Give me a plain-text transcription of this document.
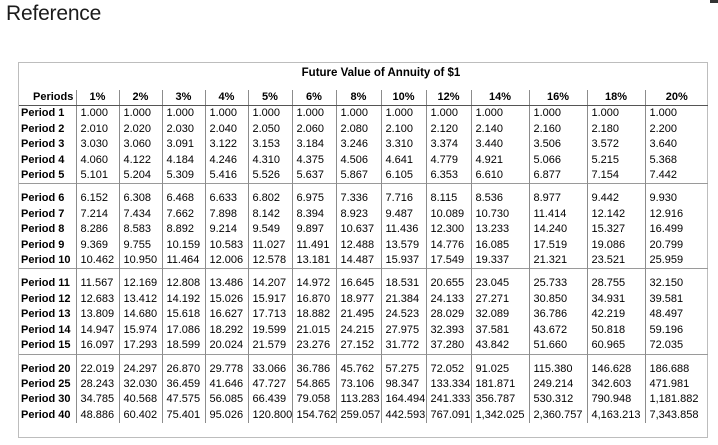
Reference
Future Value of Annuity of $1
Periods	1%	2%	3%	4%	5%	6%	8%	10%	12%	14%	16%	18%	20%
Period 1	1.000	1.000	1.000	1.000	1.000	1.000	1.000	1.000	1.000	1.000	1.000	1.000	1.000
Period 2	2.010	2.020	2.030	2.040	2.050	2.060	2.080	2.100	2.120	2.140	2.160	2.180	2.200
Period 3	3.030	3.060	3.091	3.122	3.153	3.184	3.246	3.310	3.374	3.440	3.506	3.572	3.640
Period 4	4.060	4.122	4.184	4.246	4.310	4.375	4.506	4.641	4.779	4.921	5.066	5.215	5.368
Period 5	5.101	5.204	5.309	5.416	5.526	5.637	5.867	6.105	6.353	6.610	6.877	7.154	7.442
Period 6	6.152	6.308	6.468	6.633	6.802	6.975	7.336	7.716	8.115	8.536	8.977	9.442	9.930
Period 7	7.214	7.434	7.662	7.898	8.142	8.394	8.923	9.487	10.089	10.730	11.414	12.142	12.916
Period 8	8.286	8.583	8.892	9.214	9.549	9.897	10.637	11.436	12.300	13.233	14.240	15.327	16.499
Period 9	9.369	9.755	10.159	10.583	11.027	11.491	12.488	13.579	14.776	16.085	17.519	19.086	20.799
Period 10	10.462	10.950	11.464	12.006	12.578	13.181	14.487	15.937	17.549	19.337	21.321	23.521	25.959
Period 11	11.567	12.169	12.808	13.486	14.207	14.972	16.645	18.531	20.655	23.045	25.733	28.755	32.150
Period 12	12.683	13.412	14.192	15.026	15.917	16.870	18.977	21.384	24.133	27.271	30.850	34.931	39.581
Period 13	13.809	14.680	15.618	16.627	17.713	18.882	21.495	24.523	28.029	32.089	36.786	42.219	48.497
Period 14	14.947	15.974	17.086	18.292	19.599	21.015	24.215	27.975	32.393	37.581	43.672	50.818	59.196
Period 15	16.097	17.293	18.599	20.024	21.579	23.276	27.152	31.772	37.280	43.842	51.660	60.965	72.035
Period 20	22.019	24.297	26.870	29.778	33.066	36.786	45.762	57.275	72.052	91.025	115.380	146.628	186.688
Period 25	28.243	32.030	36.459	41.646	47.727	54.865	73.106	98.347	133.334	181.871	249.214	342.603	471.981
Period 30	34.785	40.568	47.575	56.085	66.439	79.058	113.283	164.494	241.333	356.787	530.312	790.948	1,181.882
Period 40	48.886	60.402	75.401	95.026	120.800	154.762	259.057	442.593	767.091	1,342.025	2,360.757	4,163.213	7,343.858
